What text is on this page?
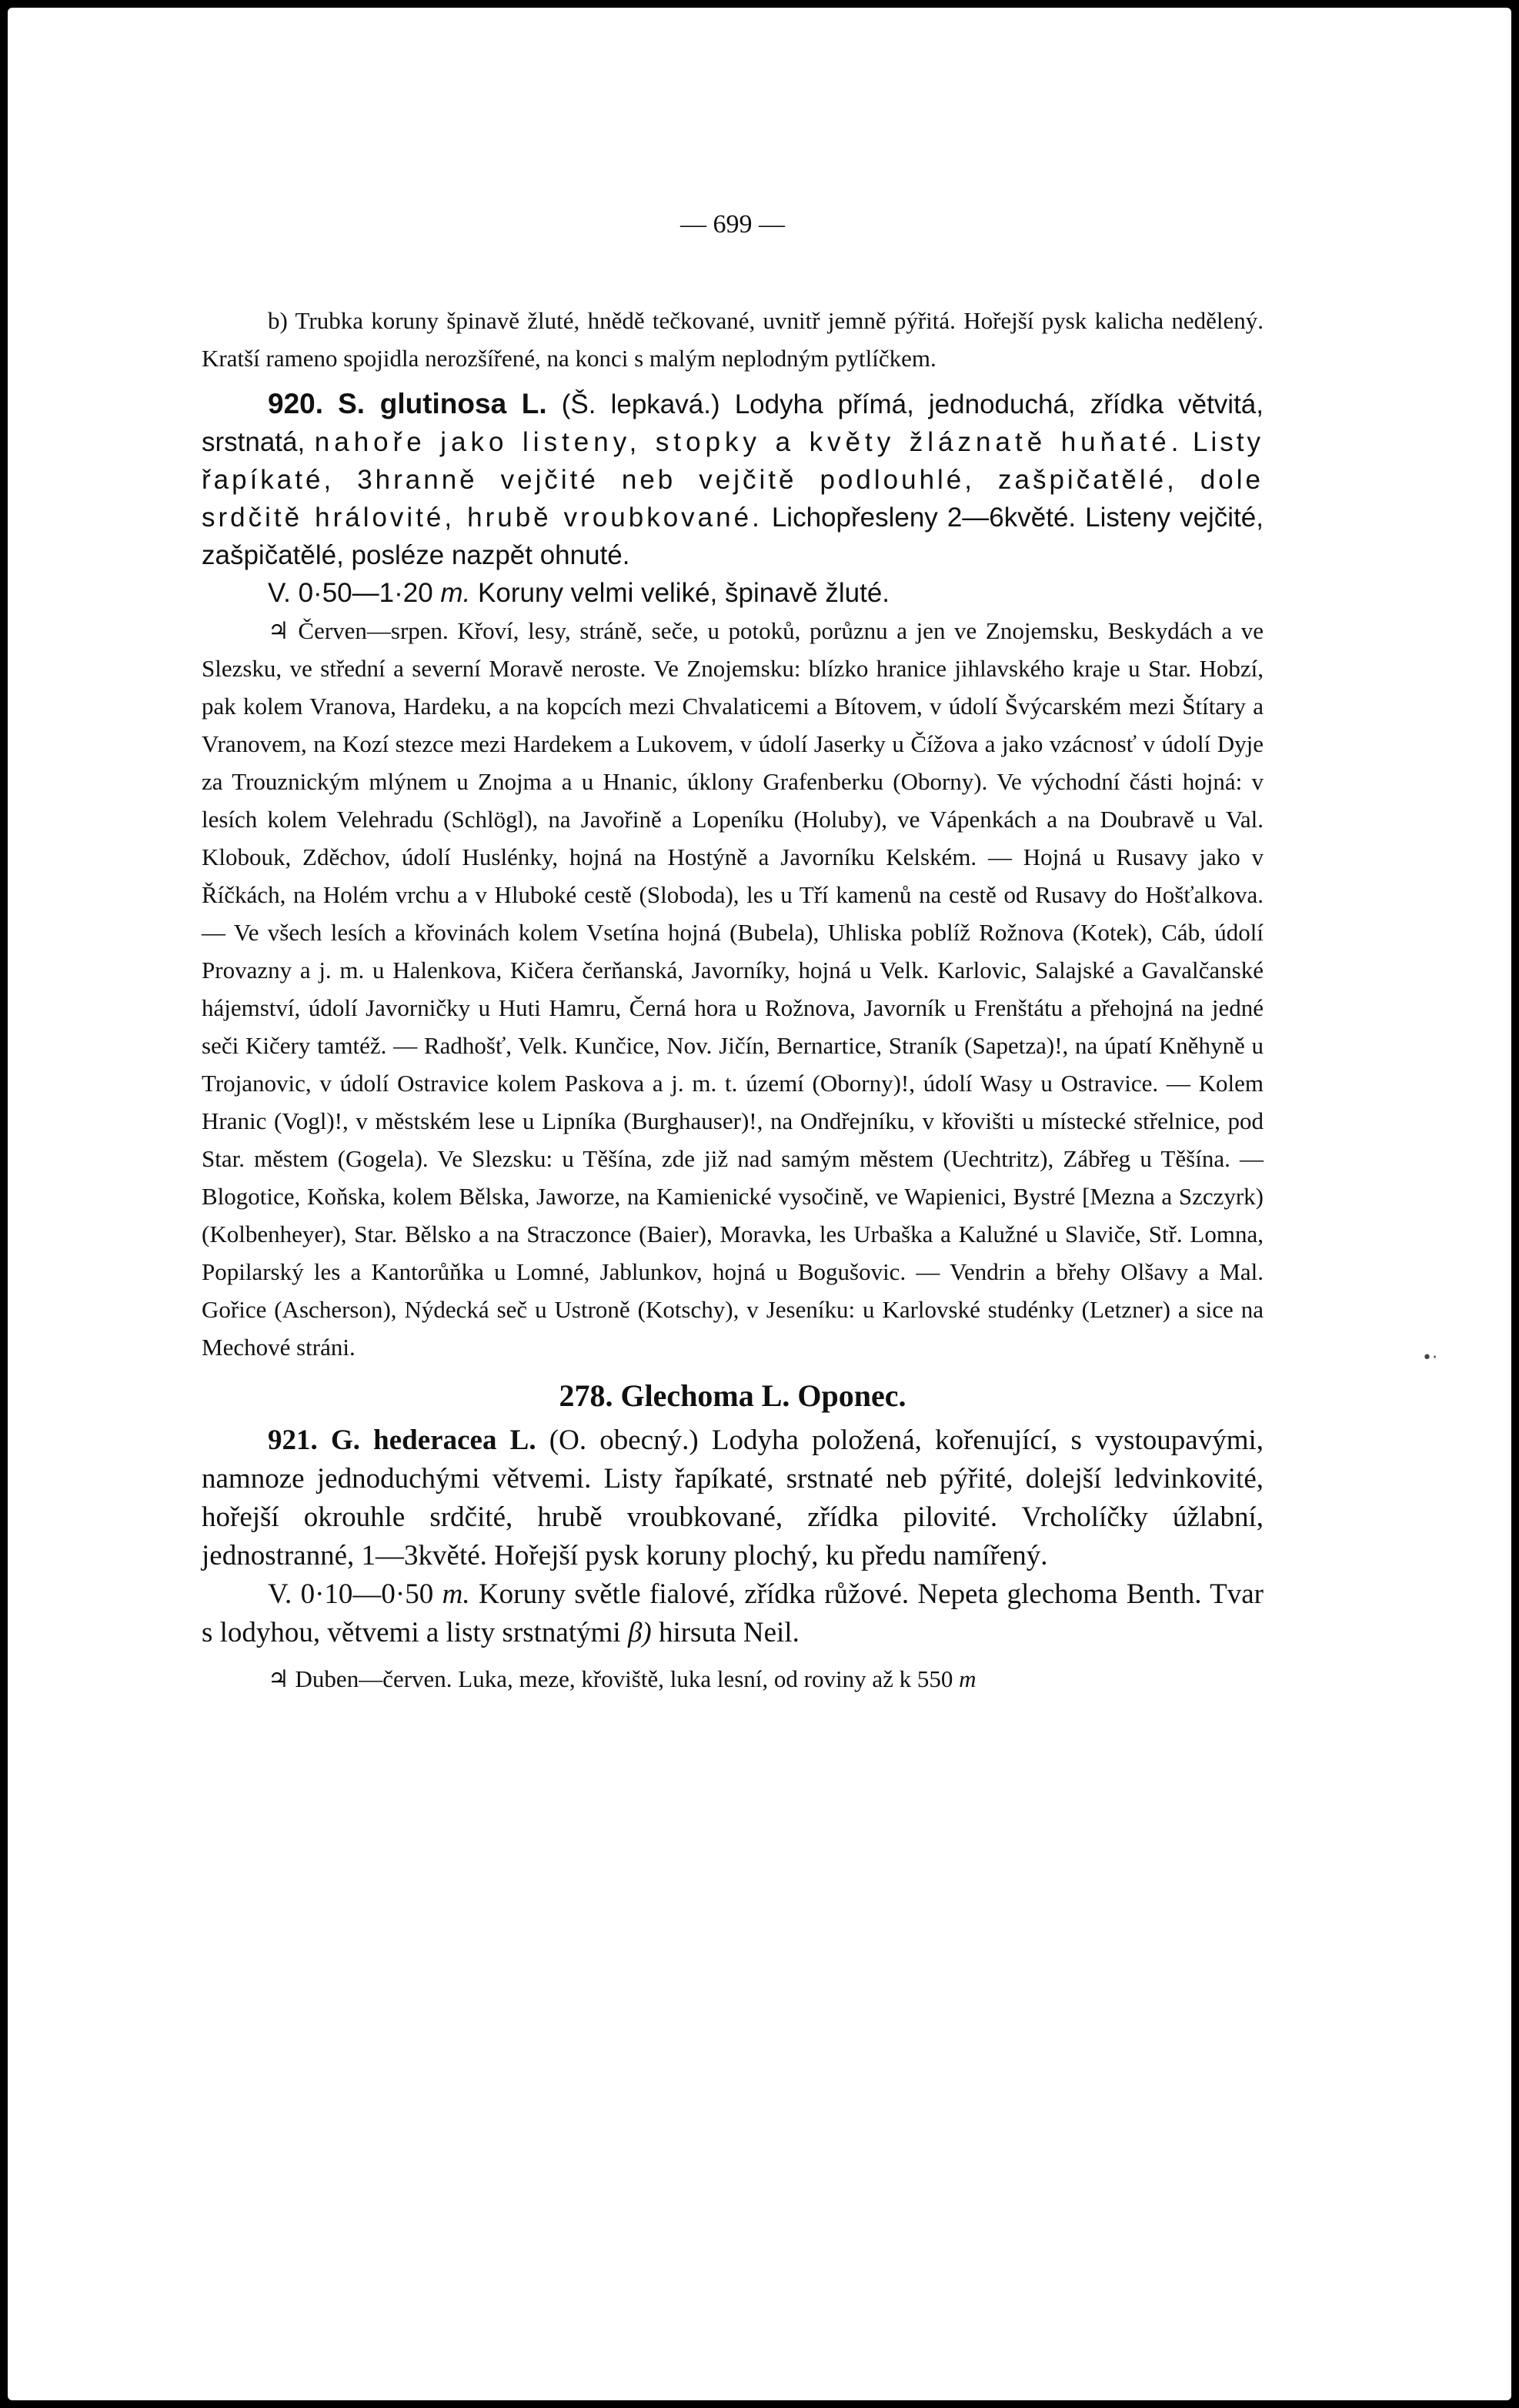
— 699 —

b) Trubka koruny špinavě žluté, hnědě tečkované, uvnitř jemně pýřitá. Hořejší pysk kalicha nedělený. Kratší rameno spojidla nerozšířené, na konci s malým neplodným pytlíčkem.

920. S. glutinosa L. (Š. lepkavá.) Lodyha přímá, jednoduchá, zřídka větvitá, srstnatá, nahoře jako listeny, stopky a květy žláznatě huňaté. Listy řapíkaté, 3hranně vejčité neb vejčitě podlouhlé, zašpičatělé, dole srdčitě hrálovité, hrubě vroubkované. Lichopřesleny 2—6květé. Listeny vejčité, zašpičatělé, posléze nazpět ohnuté.

V. 0·50—1·20 m. Koruny velmi veliké, špinavě žluté.

♃ Červen—srpen. Křoví, lesy, stráně, seče, u potoků, porůznu a jen ve Znojemsku, Beskydách a ve Slezsku, ve střední a severní Moravě neroste. Ve Znojemsku: blízko hranice jihlavského kraje u Star. Hobzí, pak kolem Vranova, Hardeku, a na kopcích mezi Chvalaticemi a Bítovem, v údolí Švýcarském mezi Štítary a Vranovem, na Kozí stezce mezi Hardekem a Lukovem, v údolí Jaserky u Čížova a jako vzácnosť v údolí Dyje za Trouznickým mlýnem u Znojma a u Hnanic, úklony Grafenberku (Oborny). Ve východní části hojná: v lesích kolem Velehradu (Schlögl), na Javořině a Lopeníku (Holuby), ve Vápenkách a na Doubravě u Val. Klobouk, Zděchov, údolí Huslénky, hojná na Hostýně a Javorníku Kelském. — Hojná u Rusavy jako v Říčkách, na Holém vrchu a v Hluboké cestě (Sloboda), les u Tří kamenů na cestě od Rusavy do Hošťalkova. — Ve všech lesích a křovinách kolem Vsetína hojná (Bubela), Uhliska poblíž Rožnova (Kotek), Cáb, údolí Provazny a j. m. u Halenkova, Kičera čerňanská, Javorníky, hojná u Velk. Karlovic, Salajské a Gavalčanské hájemství, údolí Javorničky u Huti Hamru, Černá hora u Rožnova, Javorník u Frenštátu a přehojná na jedné seči Kičery tamtéž. — Radhošť, Velk. Kunčice, Nov. Jičín, Bernartice, Straník (Sapetza)!, na úpatí Kněhyně u Trojanovic, v údolí Ostravice kolem Paskova a j. m. t. území (Oborny)!, údolí Wasy u Ostravice. — Kolem Hranic (Vogl)!, v městském lese u Lipníka (Burghauser)!, na Ondřejníku, v křovišti u místecké střelnice, pod Star. městem (Gogela). Ve Slezsku: u Těšína, zde již nad samým městem (Uechtritz), Zábřeg u Těšína. — Blogotice, Koňska, kolem Bělska, Jaworze, na Kamienické vysočině, ve Wapienici, Bystré [Mezna a Szczyrk) (Kolbenheyer), Star. Bělsko a na Straczonce (Baier), Moravka, les Urbaška a Kalužné u Slaviče, Stř. Lomna, Popilarský les a Kantorůňka u Lomné, Jablunkov, hojná u Bogušovic. — Vendrin a břehy Olšavy a Mal. Gořice (Ascherson), Nýdecká seč u Ustroně (Kotschy), v Jeseníku: u Karlovské studénky (Letzner) a sice na Mechové stráni.

278. Glechoma L. Oponec.

921. G. hederacea L. (O. obecný.) Lodyha položená, kořenující, s vystoupavými, namnoze jednoduchými větvemi. Listy řapíkaté, srstnaté neb pýřité, dolejší ledvinkovité, hořejší okrouhle srdčité, hrubě vroubkované, zřídka pilovité. Vrcholíčky úžlabní, jednostranné, 1—3květé. Hořejší pysk koruny plochý, ku předu namířený.

V. 0·10—0·50 m. Koruny světle fialové, zřídka růžové. Nepeta glechoma Benth. Tvar s lodyhou, větvemi a listy srstnatými β) hirsuta Neil.

♃ Duben—červen. Luka, meze, křoviště, luka lesní, od roviny až k 550 m

•·
